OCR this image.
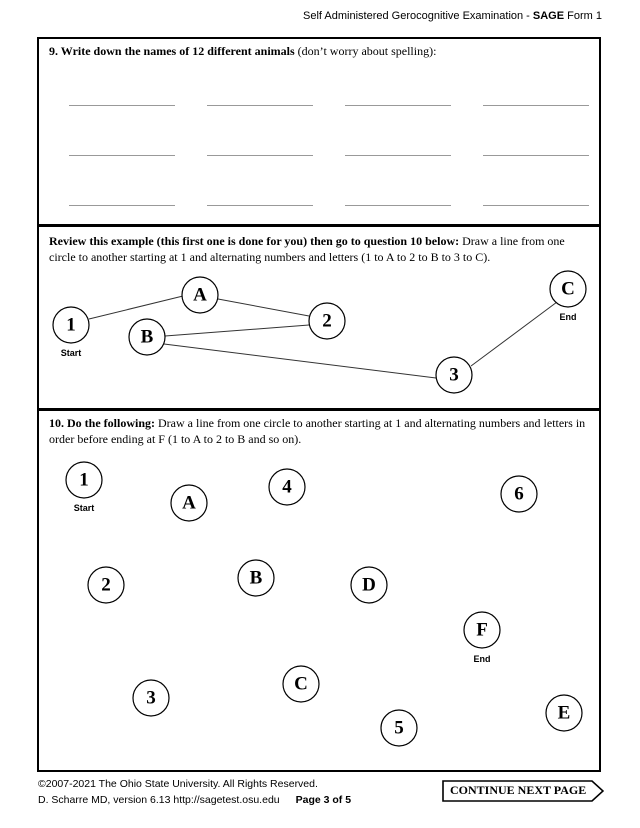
Self Administered Gerocognitive Examination - SAGE Form 1
9. Write down the names of 12 different animals (don’t worry about spelling):
Review this example (this first one is done for you) then go to question 10 below: Draw a line from one circle to another starting at 1 and alternating numbers and letters (1 to A to 2 to B to 3 to C).
10. Do the following: Draw a line from one circle to another starting at 1 and alternating numbers and letters in order before ending at F (1 to A to 2 to B and so on).
1
Start
A
2
B
3
C
End
1
Start	A
4	6
2	B	D
F
End
3
C
5
E
©2007-2021 The Ohio State University. All Rights Reserved.
D. Scharre MD, version 6.13 http://sagetest.osu.edu Page 3 of 5
CONTINUE NEXT PAGE
